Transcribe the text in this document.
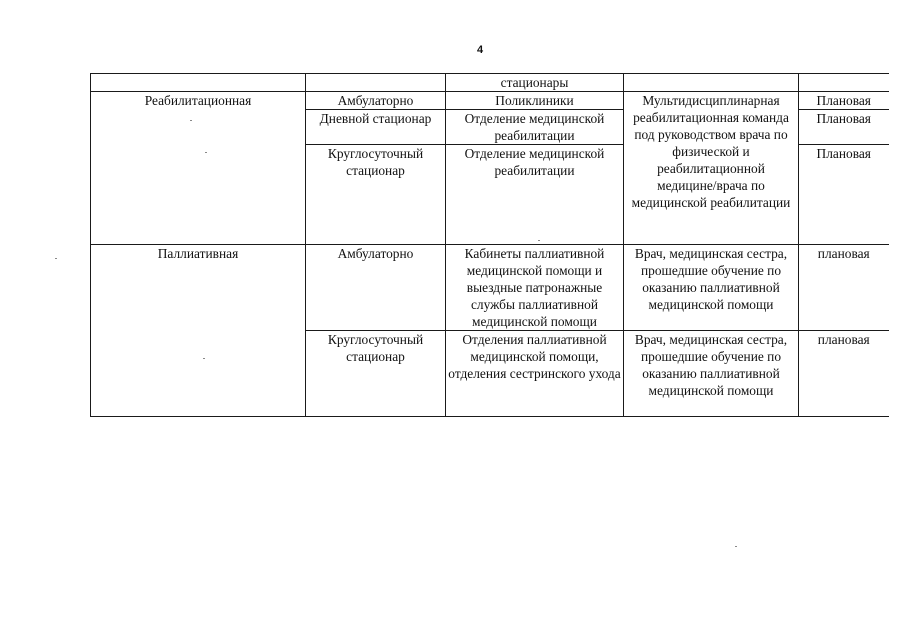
4
		стационары		
Реабилитационная	Амбулаторно	Поликлиники	Мультидисциплинарная реабилитационная команда под руководством врача по физической и реабилитационной медицине/врача по медицинской реабилитации	Плановая
	Дневной стационар	Отделение медицинской реабилитации		Плановая
	Круглосуточный стационар	Отделение медицинской реабилитации		Плановая
Паллиативная	Амбулаторно	Кабинеты паллиативной медицинской помощи и выездные патронажные службы паллиативной медицинской помощи	Врач, медицинская сестра, прошедшие обучение по оказанию паллиативной медицинской помощи	плановая
	Круглосуточный стационар	Отделения паллиативной медицинской помощи, отделения сестринского ухода	Врач, медицинская сестра, прошедшие обучение по оказанию паллиативной медицинской помощи	плановая
